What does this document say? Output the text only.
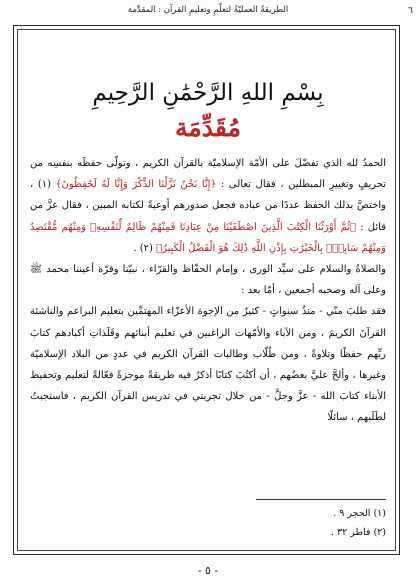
٦
الطريقةُ العمليّةُ لتعلّمِ وتعليمِ القرآن : المقدِّمة
بِسْمِ اللهِ الرَّحْمَٰنِ الرَّحِيمِ
مُقَدِّمَة

الحمدُ لله الذي تفضّلَ على الأمّة الإسلاميّة بالقرآن الكريم ، وتولّى حفظَه بنفسِه من تحريفٍ وتغييرِ المبطلين ، فقال تعالى : ﴿إِنَّا نَحْنُ نَزَّلْنَا الذِّكْرَ وَإِنَّا لَهُ لَحَٰفِظُونَ﴾ (١) ، واختصَّ بذلك الحفظ عددًا من عباده فجعل صدورهم أوعيةً لكتابه المبين ، فقال عزَّ من قائل : ﴿ثُمَّ أَوْرَثْنَا الْكِتَٰبَ الَّذِينَ اصْطَفَيْنَا مِنْ عِبَادِنَا فَمِنْهُمْ ظَالِمٌ لِّنَفْسِهِۦ وَمِنْهُم مُّقْتَصِدٌ وَمِنْهُمْ سَابِقٌۢ بِالْخَيْرَٰتِ بِإِذْنِ اللَّهِ ذَٰلِكَ هُوَ الْفَضْلُ الْكَبِيرُ﴾ (٢) .

والصلاةُ والسلام على سيِّد الورى ، وإمام الحفّاظ والقرّاء ، نبيّنا وقرّة أعيننا محمد ﷺ وعلى آله وصحبه أجمعين ، أمّا بعد :

فقد طلبَ منّي - منذُ سنواتٍ - كثيرٌ من الإخوة الأعزّاء المهتمِّين بتعليم البراعم والناشئة القرآنَ الكريمَ ، ومن الآباء والأمّهات الراغبين في تعليم أبنائهم وفَلَذاتِ أكبادهم كتابَ ربِّهم حفظًا وتلاوةً ، ومن طُلّاب وطالبات القرآن الكريم في عددٍ من البلاد الإسلاميّة وغيرها ، وألحَّ عليَّ بعضُهم ، أن أكتُبَ كتابًا أذكرُ فيه طريقةً موجزةً فعّالةً لتعليم وتحفيظ الأبناء كتابَ الله - عزَّ وجلَّ - من خلال تجربتي في تدريس القرآن الكريم ، فاستجبتُ لطَلَبهم ، سائلًا

(١) الحجر ٩ .
(٢) فاطر ٣٢ .
- ٥ -
